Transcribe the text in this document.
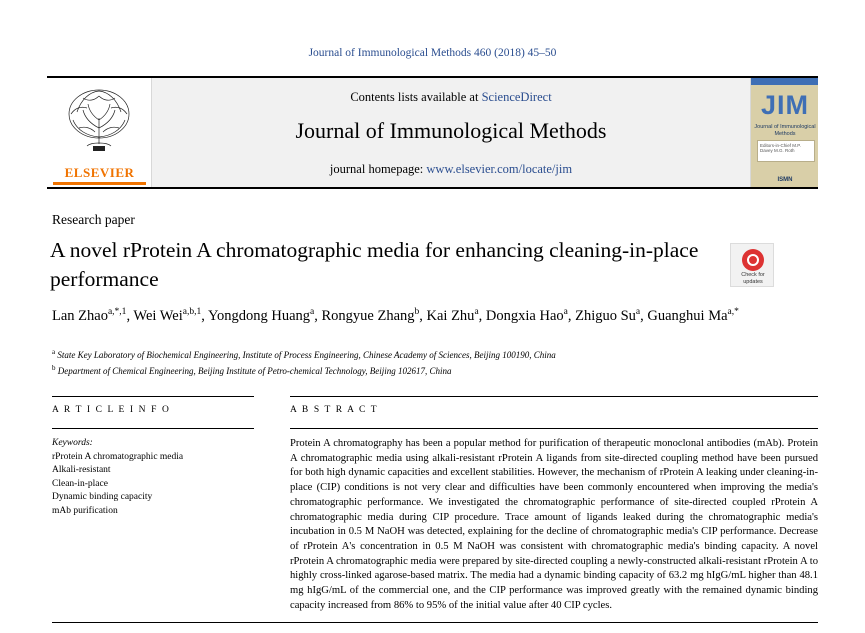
Journal of Immunological Methods 460 (2018) 45–50
ELSEVIER
Contents lists available at ScienceDirect
Journal of Immunological Methods
journal homepage: www.elsevier.com/locate/jim
JIM
Journal of Immunological Methods
Editors-in-Chief M.P. Davey M.G. Roth
ISMN
Research paper
A novel rProtein A chromatographic media for enhancing cleaning-in-place performance	Check for updates
Lan Zhao$^{a,*,1}$, Wei Wei$^{a,b,1}$, Yongdong Huang$^a$, Rongyue Zhang$^b$, Kai Zhu$^a$, Dongxia Hao$^a$, Zhiguo Su$^a$, Guanghui $Ma^{a,*}$
$^a$ State Key Laboratory of Biochemical Engineering, Institute of Process Engineering, Chinese Academy of Sciences, Beijing 100190, China
$^b$ Department of Chemical Engineering, Beijing Institute of Petro-chemical Technology, Beijing 102617, China
A R T I C L E I N F O	A B S T R A C T
Keywords:
rProtein A chromatographic media
Alkali-resistant
Clean-in-place
Dynamic binding capacity
mAb purification
Protein A chromatography has been a popular method for purification of therapeutic monoclonal antibodies (mAb). Protein A chromatographic media using alkali-resistant rProtein A ligands from site-directed coupling method have been pursued for both high dynamic capacities and excellent stabilities. However, the mechanism of rProtein A leaking under cleaning-in-place (CIP) conditions is not very clear and difficulties have been commonly encountered when improving the media's chromatographic performance. We investigated the chromatographic performance of site-directed coupled rProtein A chromatographic media during CIP procedure. Trace amount of ligands leaked during the chromatographic media's incubation in 0.5 M NaOH was detected, explaining for the decline of chromatographic media's CIP performance. Decrease of rProtein A's concentration in 0.5 M NaOH was consistent with chromatographic media's binding capacity. A novel rProtein A chromatographic media were prepared by site-directed coupling a newly-constructed alkali-resistant rProtein A to highly cross-linked agarose-based matrix. The media had a dynamic binding capacity of 63.2 mg hIgG/mL higher than 48.1 mg hIgG/mL of the commercial one, and the CIP performance was improved greatly with the remained dynamic binding capacity increased from 86% to 95% of the initial value after 40 CIP cycles.
